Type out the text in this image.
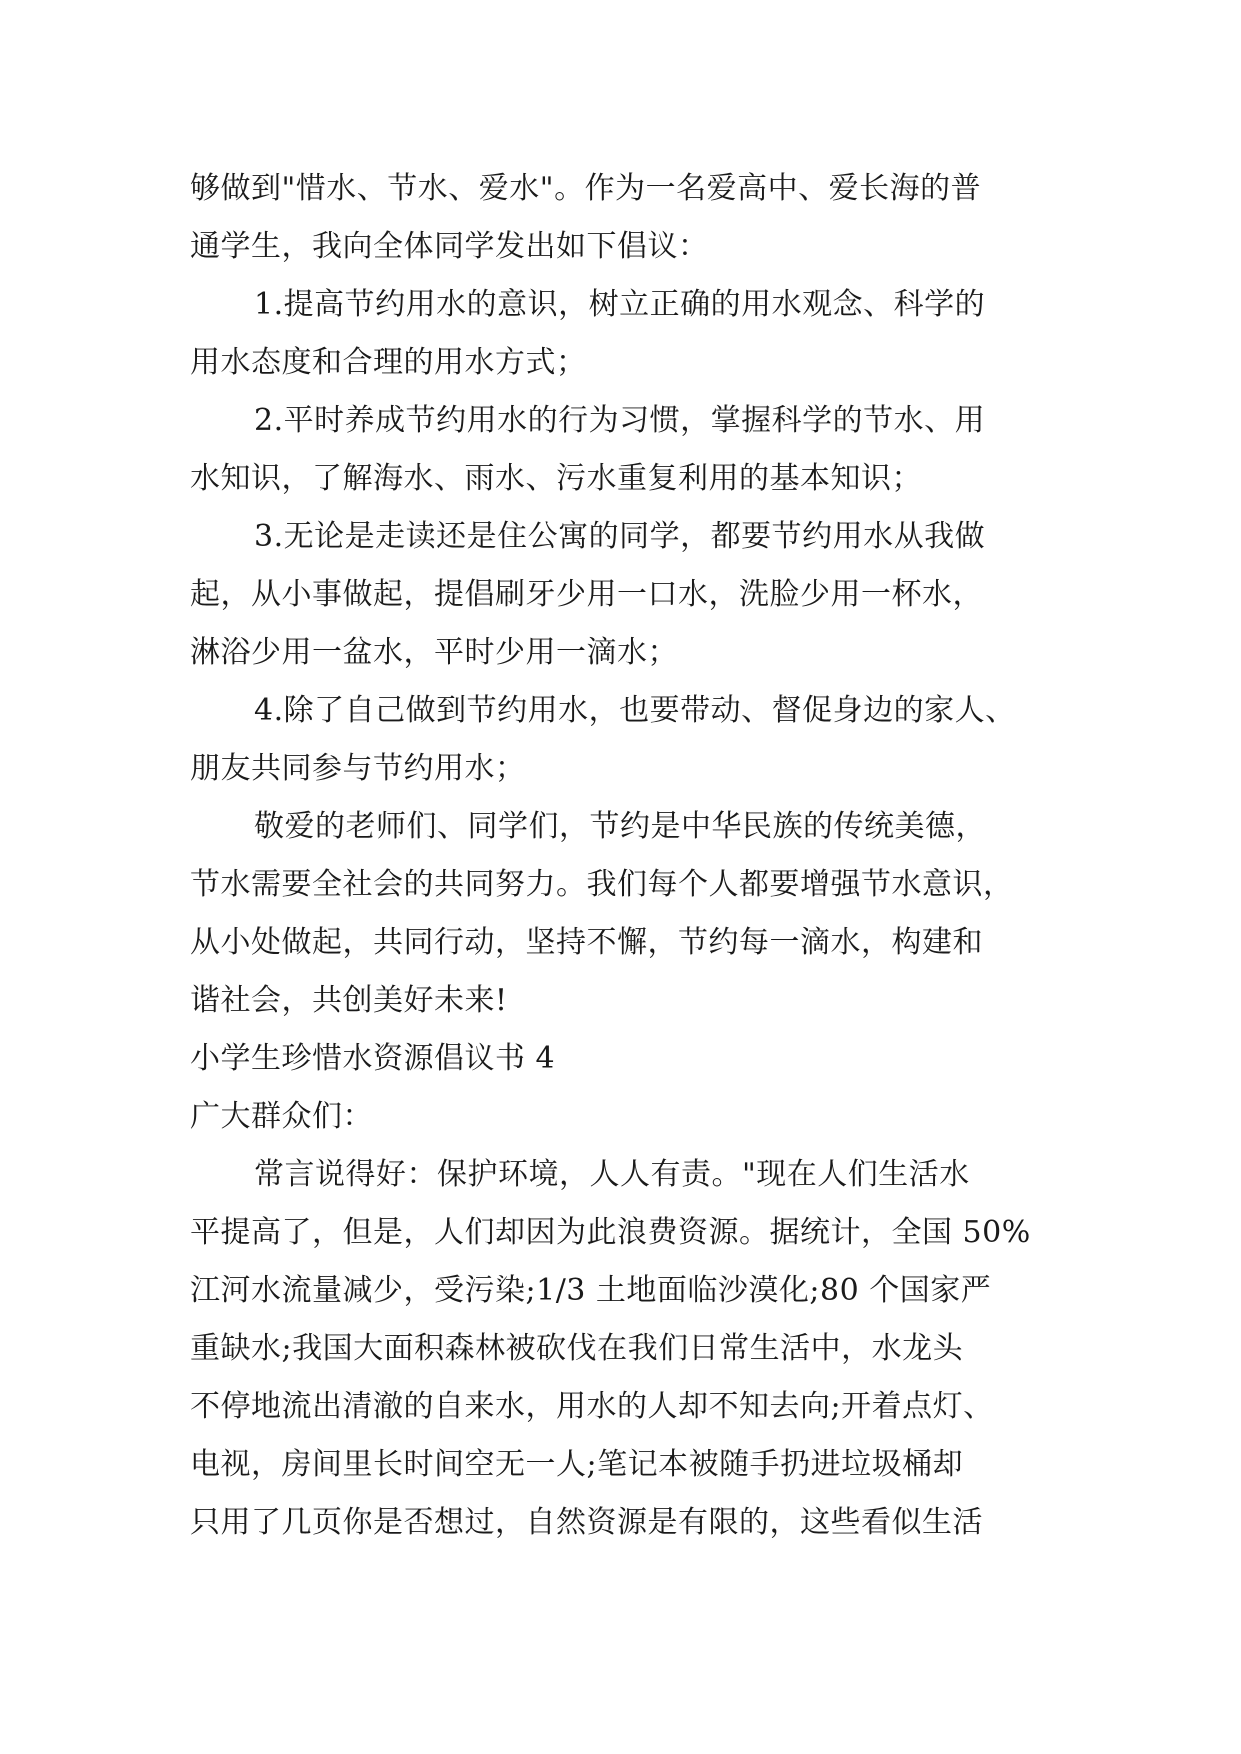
够做到"惜水、节水、爱水"。作为一名爱高中、爱长海的普
通学生，我向全体同学发出如下倡议：
1.提高节约用水的意识，树立正确的用水观念、科学的
用水态度和合理的用水方式；
2.平时养成节约用水的行为习惯，掌握科学的节水、用
水知识，了解海水、雨水、污水重复利用的基本知识；
3.无论是走读还是住公寓的同学，都要节约用水从我做
起，从小事做起，提倡刷牙少用一口水，洗脸少用一杯水，
淋浴少用一盆水，平时少用一滴水；
4.除了自己做到节约用水，也要带动、督促身边的家人、
朋友共同参与节约用水；
敬爱的老师们、同学们，节约是中华民族的传统美德，
节水需要全社会的共同努力。我们每个人都要增强节水意识，
从小处做起，共同行动，坚持不懈，节约每一滴水，构建和
谐社会，共创美好未来!
小学生珍惜水资源倡议书 4
广大群众们：
常言说得好：保护环境，人人有责。"现在人们生活水
平提高了，但是，人们却因为此浪费资源。据统计，全国 50%
江河水流量减少，受污染;1/3 土地面临沙漠化;80 个国家严
重缺水;我国大面积森林被砍伐在我们日常生活中，水龙头
不停地流出清澈的自来水，用水的人却不知去向;开着点灯、
电视，房间里长时间空无一人;笔记本被随手扔进垃圾桶却
只用了几页你是否想过，自然资源是有限的，这些看似生活
